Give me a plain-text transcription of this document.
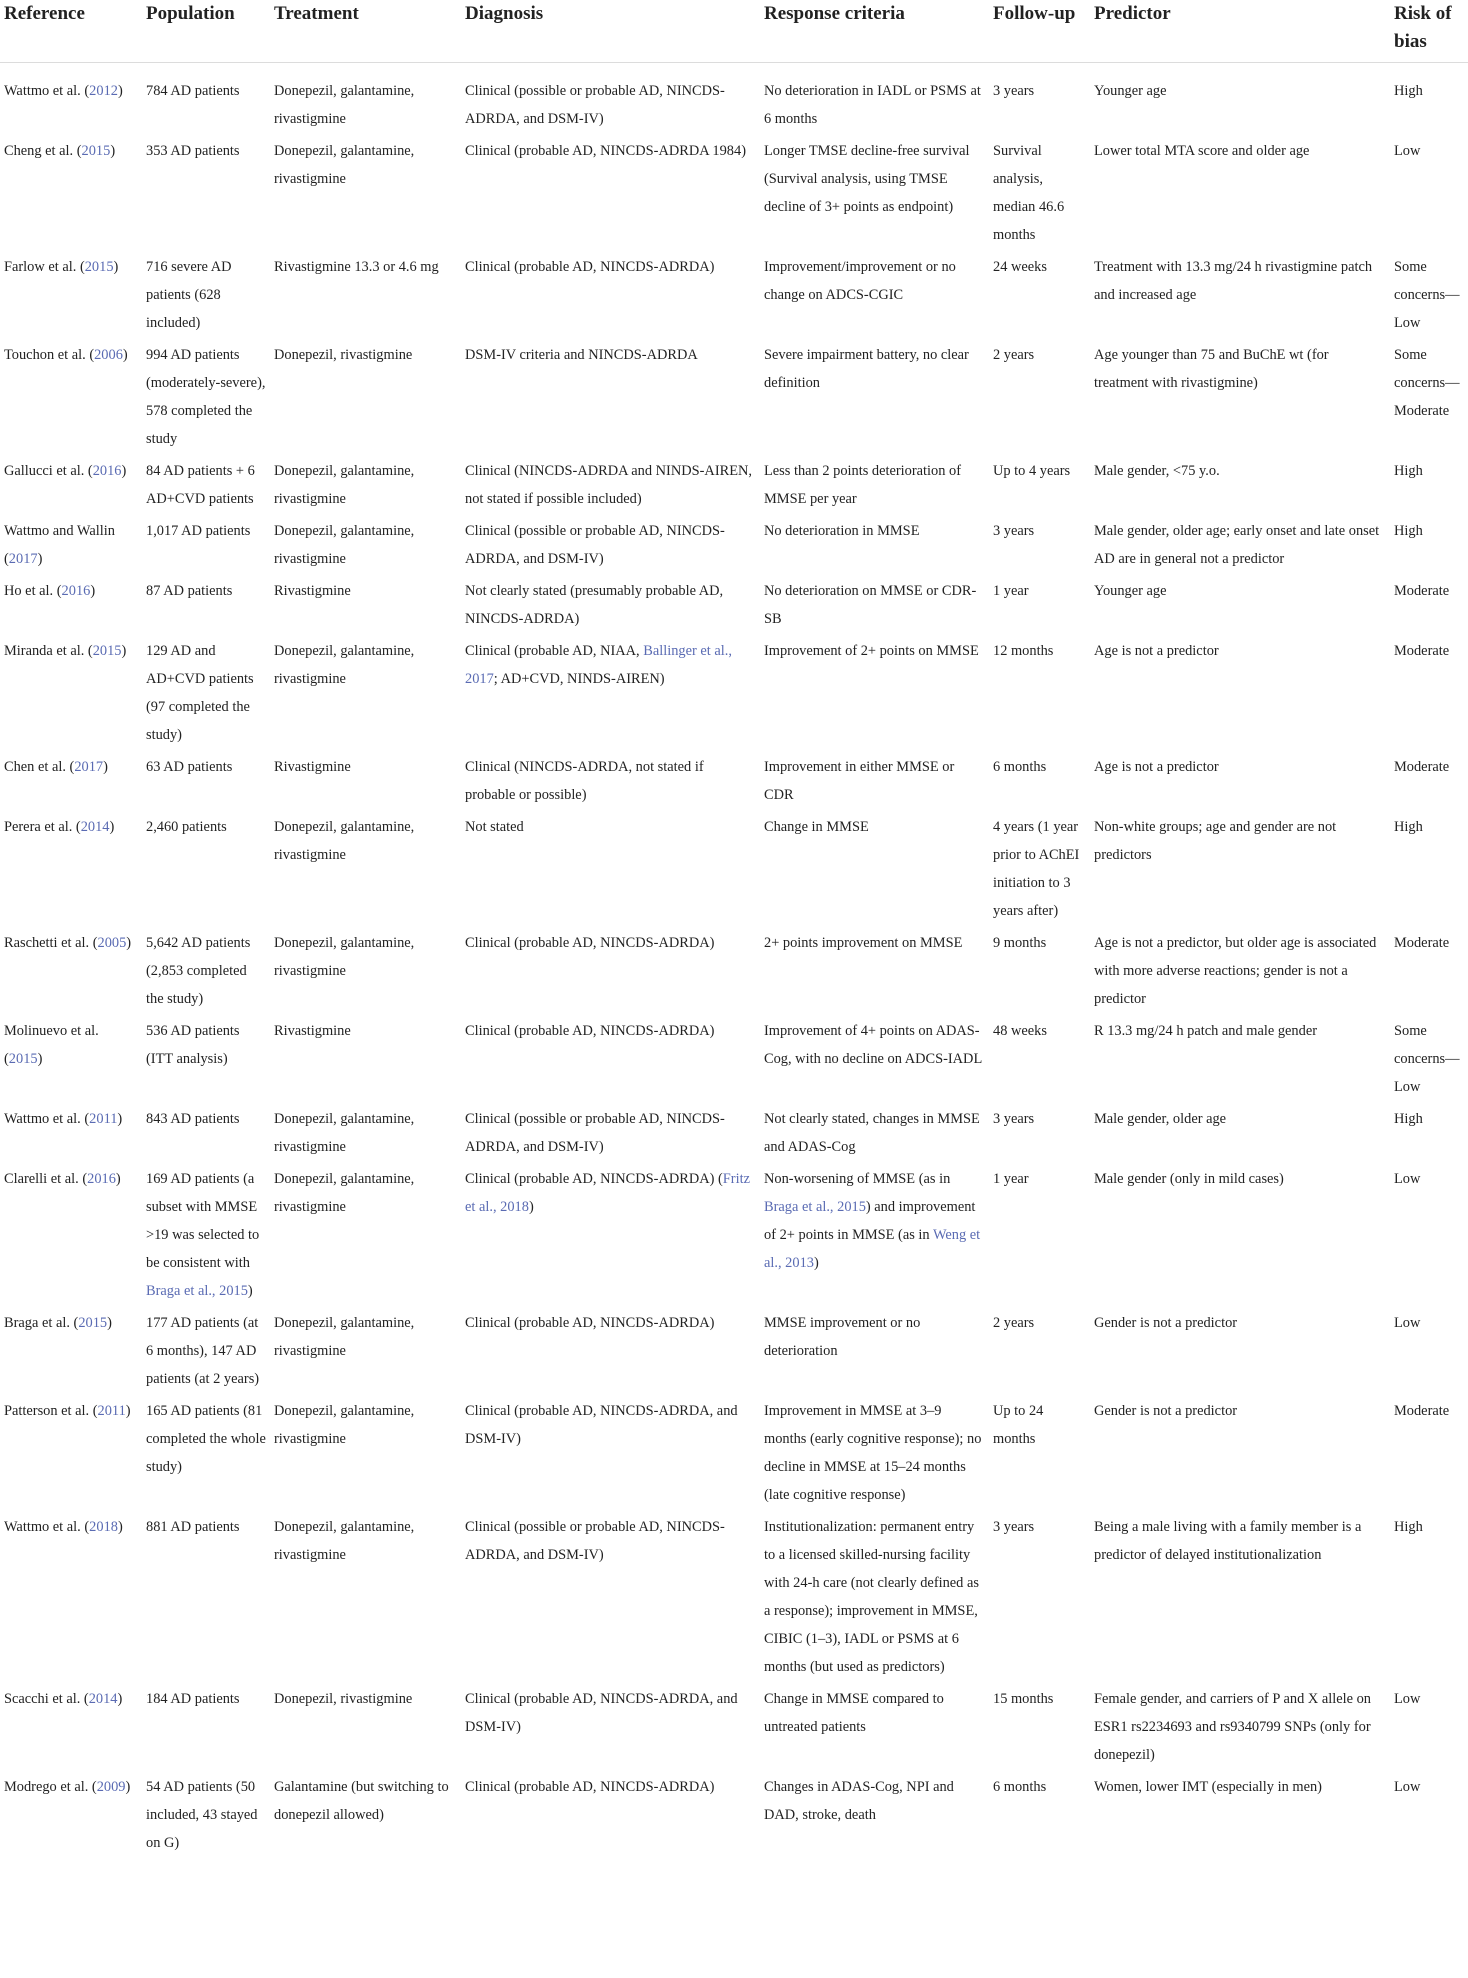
Reference	Population	Treatment	Diagnosis	Response criteria	Follow-up	Predictor	Risk of bias
Wattmo et al. (2012)	784 AD patients	Donepezil, galantamine, rivastigmine	Clinical (possible or probable AD, NINCDS-ADRDA, and DSM-IV)	No deterioration in IADL or PSMS at 6 months	3 years	Younger age	High
Cheng et al. (2015)	353 AD patients	Donepezil, galantamine, rivastigmine	Clinical (probable AD, NINCDS-ADRDA 1984)	Longer TMSE decline-free survival (Survival analysis, using TMSE decline of 3+ points as endpoint)	Survival analysis, median 46.6 months	Lower total MTA score and older age	Low
Farlow et al. (2015)	716 severe AD patients (628 included)	Rivastigmine 13.3 or 4.6 mg	Clinical (probable AD, NINCDS-ADRDA)	Improvement/improvement or no change on ADCS-CGIC	24 weeks	Treatment with 13.3 mg/24 h rivastigmine patch and increased age	Some concerns—Low
Touchon et al. (2006)	994 AD patients (moderately-severe), 578 completed the study	Donepezil, rivastigmine	DSM-IV criteria and NINCDS-ADRDA	Severe impairment battery, no clear definition	2 years	Age younger than 75 and BuChE wt (for treatment with rivastigmine)	Some concerns—Moderate
Gallucci et al. (2016)	84 AD patients + 6 AD+CVD patients	Donepezil, galantamine, rivastigmine	Clinical (NINCDS-ADRDA and NINDS-AIREN, not stated if possible included)	Less than 2 points deterioration of MMSE per year	Up to 4 years	Male gender, <75 y.o.	High
Wattmo and Wallin (2017)	1,017 AD patients	Donepezil, galantamine, rivastigmine	Clinical (possible or probable AD, NINCDS-ADRDA, and DSM-IV)	No deterioration in MMSE	3 years	Male gender, older age; early onset and late onset AD are in general not a predictor	High
Ho et al. (2016)	87 AD patients	Rivastigmine	Not clearly stated (presumably probable AD, NINCDS-ADRDA)	No deterioration on MMSE or CDR-SB	1 year	Younger age	Moderate
Miranda et al. (2015)	129 AD and AD+CVD patients (97 completed the study)	Donepezil, galantamine, rivastigmine	Clinical (probable AD, NIAA, Ballinger et al., 2017; AD+CVD, NINDS-AIREN)	Improvement of 2+ points on MMSE	12 months	Age is not a predictor	Moderate
Chen et al. (2017)	63 AD patients	Rivastigmine	Clinical (NINCDS-ADRDA, not stated if probable or possible)	Improvement in either MMSE or CDR	6 months	Age is not a predictor	Moderate
Perera et al. (2014)	2,460 patients	Donepezil, galantamine, rivastigmine	Not stated	Change in MMSE	4 years (1 year prior to AChEI initiation to 3 years after)	Non-white groups; age and gender are not predictors	High
Raschetti et al. (2005)	5,642 AD patients (2,853 completed the study)	Donepezil, galantamine, rivastigmine	Clinical (probable AD, NINCDS-ADRDA)	2+ points improvement on MMSE	9 months	Age is not a predictor, but older age is associated with more adverse reactions; gender is not a predictor	Moderate
Molinuevo et al. (2015)	536 AD patients (ITT analysis)	Rivastigmine	Clinical (probable AD, NINCDS-ADRDA)	Improvement of 4+ points on ADAS-Cog, with no decline on ADCS-IADL	48 weeks	R 13.3 mg/24 h patch and male gender	Some concerns—Low
Wattmo et al. (2011)	843 AD patients	Donepezil, galantamine, rivastigmine	Clinical (possible or probable AD, NINCDS-ADRDA, and DSM-IV)	Not clearly stated, changes in MMSE and ADAS-Cog	3 years	Male gender, older age	High
Clarelli et al. (2016)	169 AD patients (a subset with MMSE >19 was selected to be consistent with Braga et al., 2015)	Donepezil, galantamine, rivastigmine	Clinical (probable AD, NINCDS-ADRDA) (Fritz et al., 2018)	Non-worsening of MMSE (as in Braga et al., 2015) and improvement of 2+ points in MMSE (as in Weng et al., 2013)	1 year	Male gender (only in mild cases)	Low
Braga et al. (2015)	177 AD patients (at 6 months), 147 AD patients (at 2 years)	Donepezil, galantamine, rivastigmine	Clinical (probable AD, NINCDS-ADRDA)	MMSE improvement or no deterioration	2 years	Gender is not a predictor	Low
Patterson et al. (2011)	165 AD patients (81 completed the whole study)	Donepezil, galantamine, rivastigmine	Clinical (probable AD, NINCDS-ADRDA, and DSM-IV)	Improvement in MMSE at 3–9 months (early cognitive response); no decline in MMSE at 15–24 months (late cognitive response)	Up to 24 months	Gender is not a predictor	Moderate
Wattmo et al. (2018)	881 AD patients	Donepezil, galantamine, rivastigmine	Clinical (possible or probable AD, NINCDS-ADRDA, and DSM-IV)	Institutionalization: permanent entry to a licensed skilled-nursing facility with 24-h care (not clearly defined as a response); improvement in MMSE, CIBIC (1–3), IADL or PSMS at 6 months (but used as predictors)	3 years	Being a male living with a family member is a predictor of delayed institutionalization	High
Scacchi et al. (2014)	184 AD patients	Donepezil, rivastigmine	Clinical (probable AD, NINCDS-ADRDA, and DSM-IV)	Change in MMSE compared to untreated patients	15 months	Female gender, and carriers of P and X allele on ESR1 rs2234693 and rs9340799 SNPs (only for donepezil)	Low
Modrego et al. (2009)	54 AD patients (50 included, 43 stayed on G)	Galantamine (but switching to donepezil allowed)	Clinical (probable AD, NINCDS-ADRDA)	Changes in ADAS-Cog, NPI and DAD, stroke, death	6 months	Women, lower IMT (especially in men)	Low
